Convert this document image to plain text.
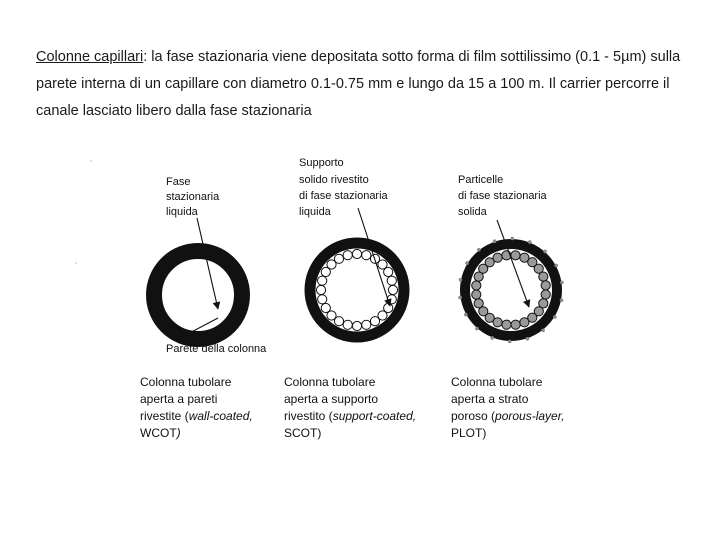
Colonne capillari: la fase stazionaria viene depositata sotto forma di film sottilissimo (0.1 - 5µm) sulla parete interna di un capillare con diametro 0.1-0.75 mm e lungo da 15 a 100 m. Il carrier percorre il canale lasciato libero dalla fase stazionaria
Fase stazionaria liquida
Supporto solido rivestito di fase stazionaria liquida
Particelle di fase stazionaria solida
Parete della colonna
Colonna tubolare aperta a pareti rivestite (wall-coated, WCOT)
Colonna tubolare aperta a supporto rivestito (support-coated, SCOT)
Colonna tubolare aperta a strato poroso (porous-layer, PLOT)
